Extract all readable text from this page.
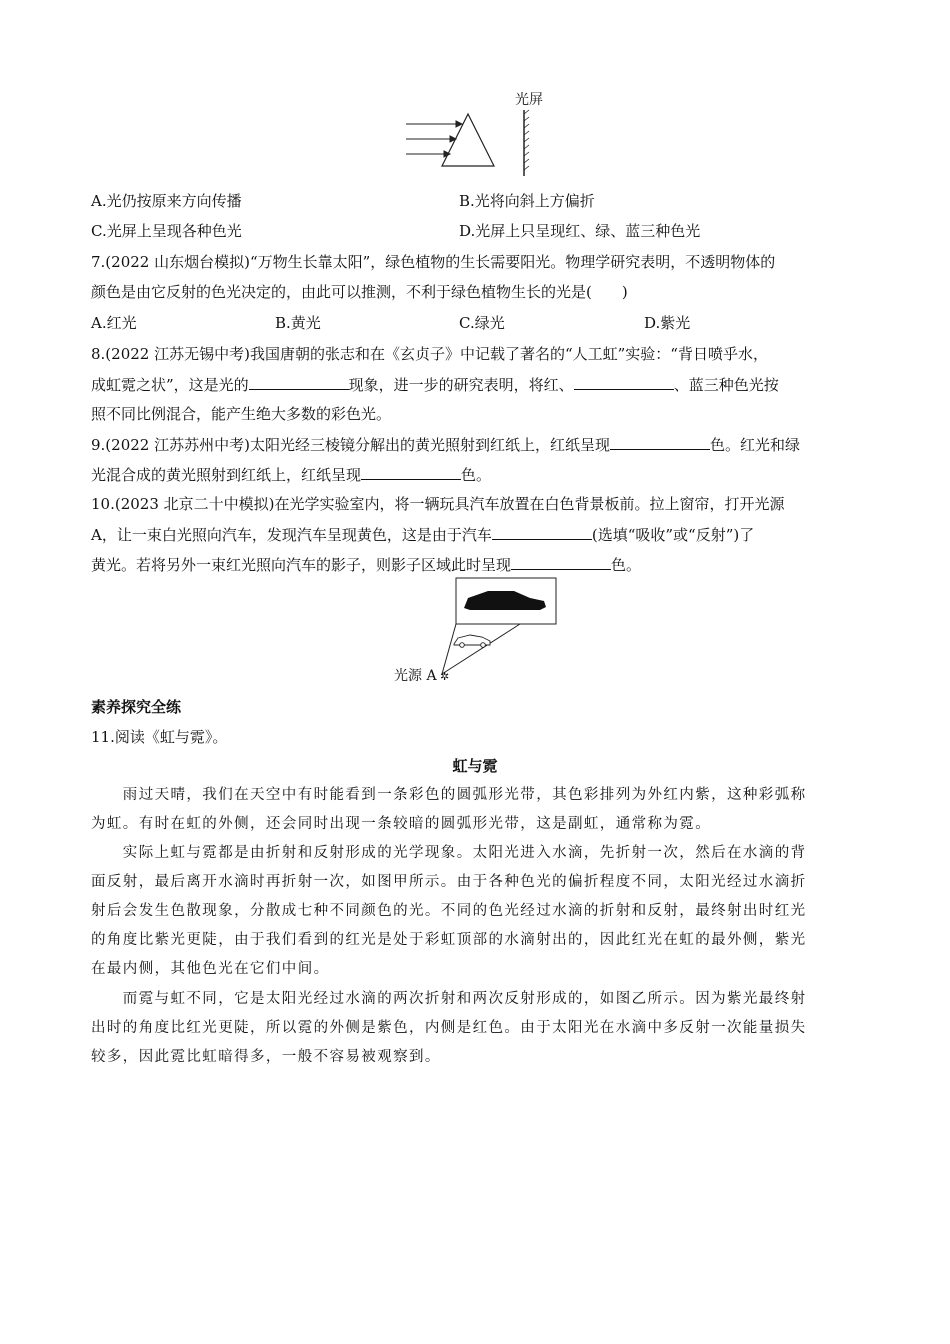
光屏
A.光仍按原来方向传播	B.光将向斜上方偏折
C.光屏上呈现各种色光	D.光屏上只呈现红、绿、蓝三种色光
7.(2022 山东烟台模拟)“万物生长靠太阳”，绿色植物的生长需要阳光。物理学研究表明，不透明物体的
颜色是由它反射的色光决定的，由此可以推测，不利于绿色植物生长的光是(　　)
A.红光	B.黄光	C.绿光	D.紫光
8.(2022 江苏无锡中考)我国唐朝的张志和在《玄贞子》中记载了著名的“人工虹”实验：“背日喷乎水，
成虹霓之状”，这是光的	现象，进一步的研究表明，将红、	、蓝三种色光按
照不同比例混合，能产生绝大多数的彩色光。
9.(2022 江苏苏州中考)太阳光经三棱镜分解出的黄光照射到红纸上，红纸呈现	色。红光和绿
光混合成的黄光照射到红纸上，红纸呈现	色。
10.(2023 北京二十中模拟)在光学实验室内，将一辆玩具汽车放置在白色背景板前。拉上窗帘，打开光源
A，让一束白光照向汽车，发现汽车呈现黄色，这是由于汽车	(选填“吸收”或“反射”)了
黄光。若将另外一束红光照向汽车的影子，则影子区域此时呈现	色。
光源 A ✲
素养探究全练
11.阅读《虹与霓》。
虹与霓
　　雨过天晴，我们在天空中有时能看到一条彩色的圆弧形光带，其色彩排列为外红内紫，这种彩弧称
为虹。有时在虹的外侧，还会同时出现一条较暗的圆弧形光带，这是副虹，通常称为霓。
　　实际上虹与霓都是由折射和反射形成的光学现象。太阳光进入水滴，先折射一次，然后在水滴的背
面反射，最后离开水滴时再折射一次，如图甲所示。由于各种色光的偏折程度不同，太阳光经过水滴折
射后会发生色散现象，分散成七种不同颜色的光。不同的色光经过水滴的折射和反射，最终射出时红光
的角度比紫光更陡，由于我们看到的红光是处于彩虹顶部的水滴射出的，因此红光在虹的最外侧，紫光
在最内侧，其他色光在它们中间。
　　而霓与虹不同，它是太阳光经过水滴的两次折射和两次反射形成的，如图乙所示。因为紫光最终射
出时的角度比红光更陡，所以霓的外侧是紫色，内侧是红色。由于太阳光在水滴中多反射一次能量损失
较多，因此霓比虹暗得多，一般不容易被观察到。
